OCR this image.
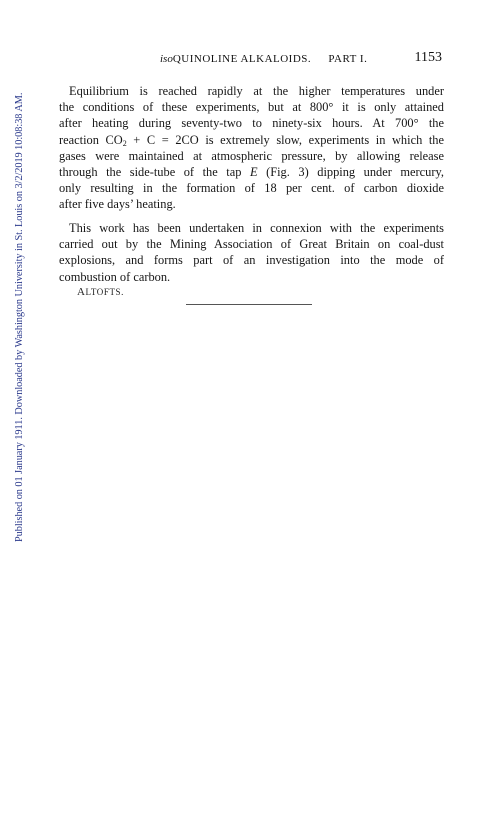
Published on 01 January 1911. Downloaded by Washington University in St. Louis on 3/2/2019 10:08:38 AM.
isoQUINOLINE ALKALOIDS. PART I.	1153
Equilibrium is reached rapidly at the higher temperatures under
the conditions of these experiments, but at 800° it is only attained
after heating during seventy-two to ninety-six hours. At 700° the
reaction $CO_2 + C = 2CO$ is extremely slow, experiments in which the
gases were maintained at atmospheric pressure, by allowing release
through the side-tube of the tap E (Fig. 3) dipping under mercury,
only resulting in the formation of 18 per cent. of carbon dioxide
after five days’ heating.
This work has been undertaken in connexion with the experiments
carried out by the Mining Association of Great Britain on coal-dust
explosions, and forms part of an investigation into the mode of
combustion of carbon.
ALTOFTS.
